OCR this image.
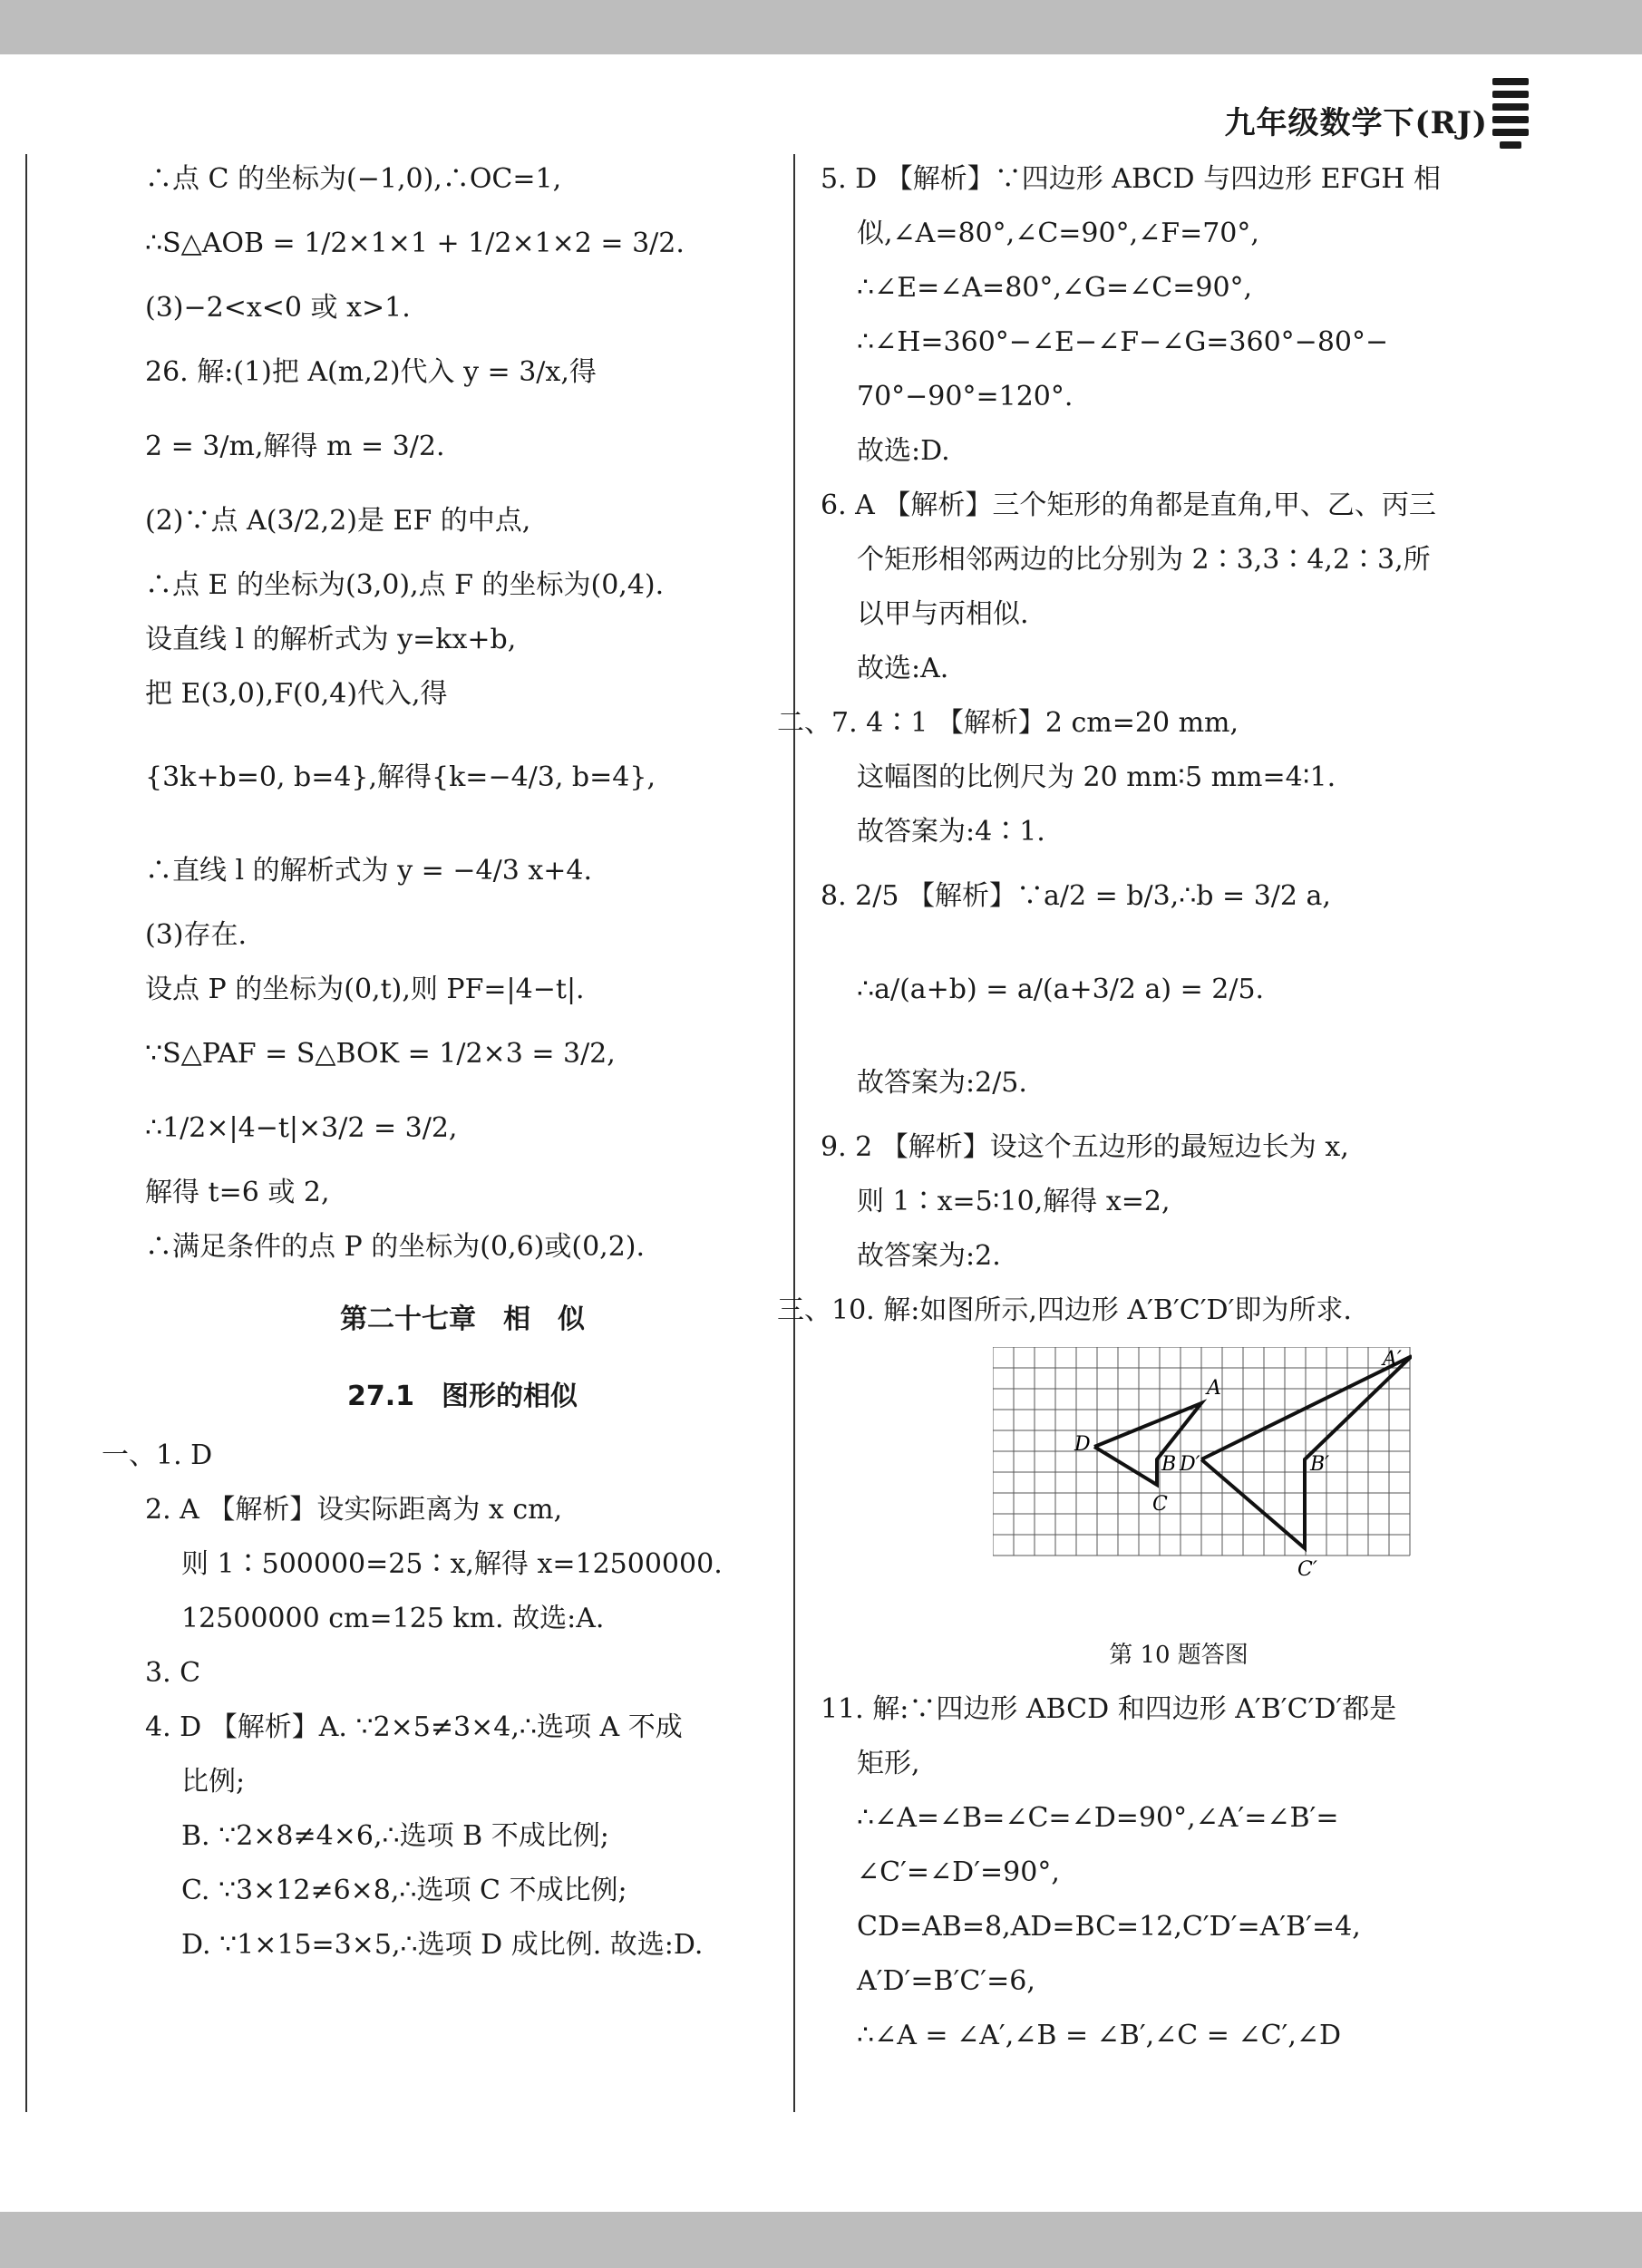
九年级数学下(RJ)
∴点 C 的坐标为(−1,0),∴OC=1,
∴S△AOB = 1/2×1×1 + 1/2×1×2 = 3/2.
(3)−2<x<0 或 x>1.
26. 解:(1)把 A(m,2)代入 y = 3/x,得
2 = 3/m,解得 m = 3/2.
(2)∵点 A(3/2,2)是 EF 的中点,
∴点 E 的坐标为(3,0),点 F 的坐标为(0,4).
设直线 l 的解析式为 y=kx+b,
把 E(3,0),F(0,4)代入,得
{3k+b=0, b=4},解得{k=−4/3, b=4},
∴直线 l 的解析式为 y = −4/3 x+4.
(3)存在.
设点 P 的坐标为(0,t),则 PF=|4−t|.
∵S△PAF = S△BOK = 1/2×3 = 3/2,
∴1/2×|4−t|×3/2 = 3/2,
解得 t=6 或 2,
∴满足条件的点 P 的坐标为(0,6)或(0,2).
第二十七章　相　似
27.1　图形的相似
一、1. D
2. A 【解析】设实际距离为 x cm,
则 1∶500000=25∶x,解得 x=12500000.
12500000 cm=125 km. 故选:A.
3. C
4. D 【解析】A. ∵2×5≠3×4,∴选项 A 不成
比例;
B. ∵2×8≠4×6,∴选项 B 不成比例;
C. ∵3×12≠6×8,∴选项 C 不成比例;
D. ∵1×15=3×5,∴选项 D 成比例. 故选:D.
5. D 【解析】∵四边形 ABCD 与四边形 EFGH 相
似,∠A=80°,∠C=90°,∠F=70°,
∴∠E=∠A=80°,∠G=∠C=90°,
∴∠H=360°−∠E−∠F−∠G=360°−80°−
70°−90°=120°.
故选:D.
6. A 【解析】三个矩形的角都是直角,甲、乙、丙三
个矩形相邻两边的比分别为 2∶3,3∶4,2∶3,所
以甲与丙相似.
故选:A.
二、7. 4∶1 【解析】2 cm=20 mm,
这幅图的比例尺为 20 mm∶5 mm=4∶1.
故答案为:4∶1.
8. 2/5 【解析】∵a/2 = b/3,∴b = 3/2 a,
∴a/(a+b) = a/(a+3/2 a) = 2/5.
故答案为:2/5.
9. 2 【解析】设这个五边形的最短边长为 x,
则 1∶x=5∶10,解得 x=2,
故答案为:2.
三、10. 解:如图所示,四边形 A′B′C′D′即为所求.
A
B
C
D
A′
B′
C′
D′
第 10 题答图
11. 解:∵四边形 ABCD 和四边形 A′B′C′D′都是
矩形,
∴∠A=∠B=∠C=∠D=90°,∠A′=∠B′=
∠C′=∠D′=90°,
CD=AB=8,AD=BC=12,C′D′=A′B′=4,
A′D′=B′C′=6,
∴∠A = ∠A′,∠B = ∠B′,∠C = ∠C′,∠D
